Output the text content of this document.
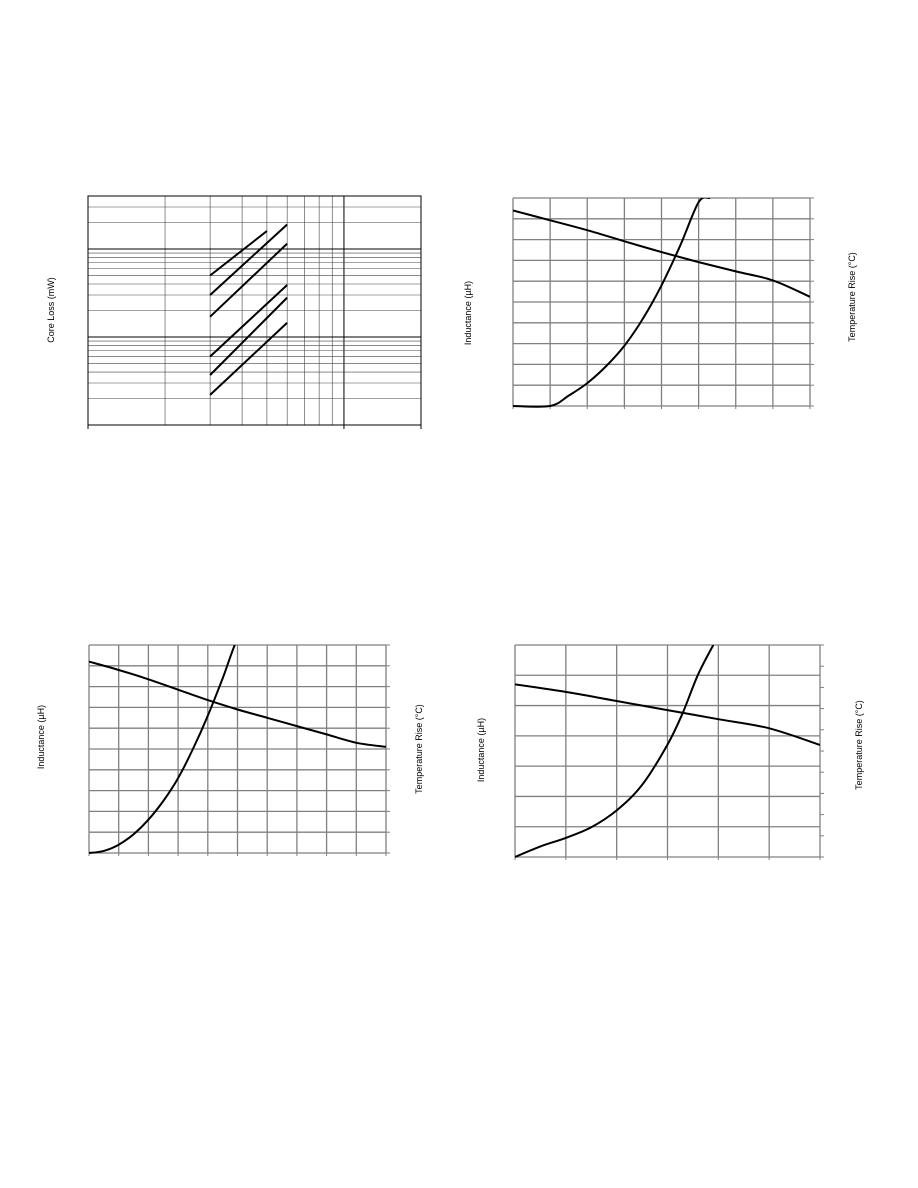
Core Loss (mW)	Inductance (µH)	Temperature Rise (°C)
Inductance (µH)	Temperature Rise (°C)	Inductance (µH)	Temperature Rise (°C)
